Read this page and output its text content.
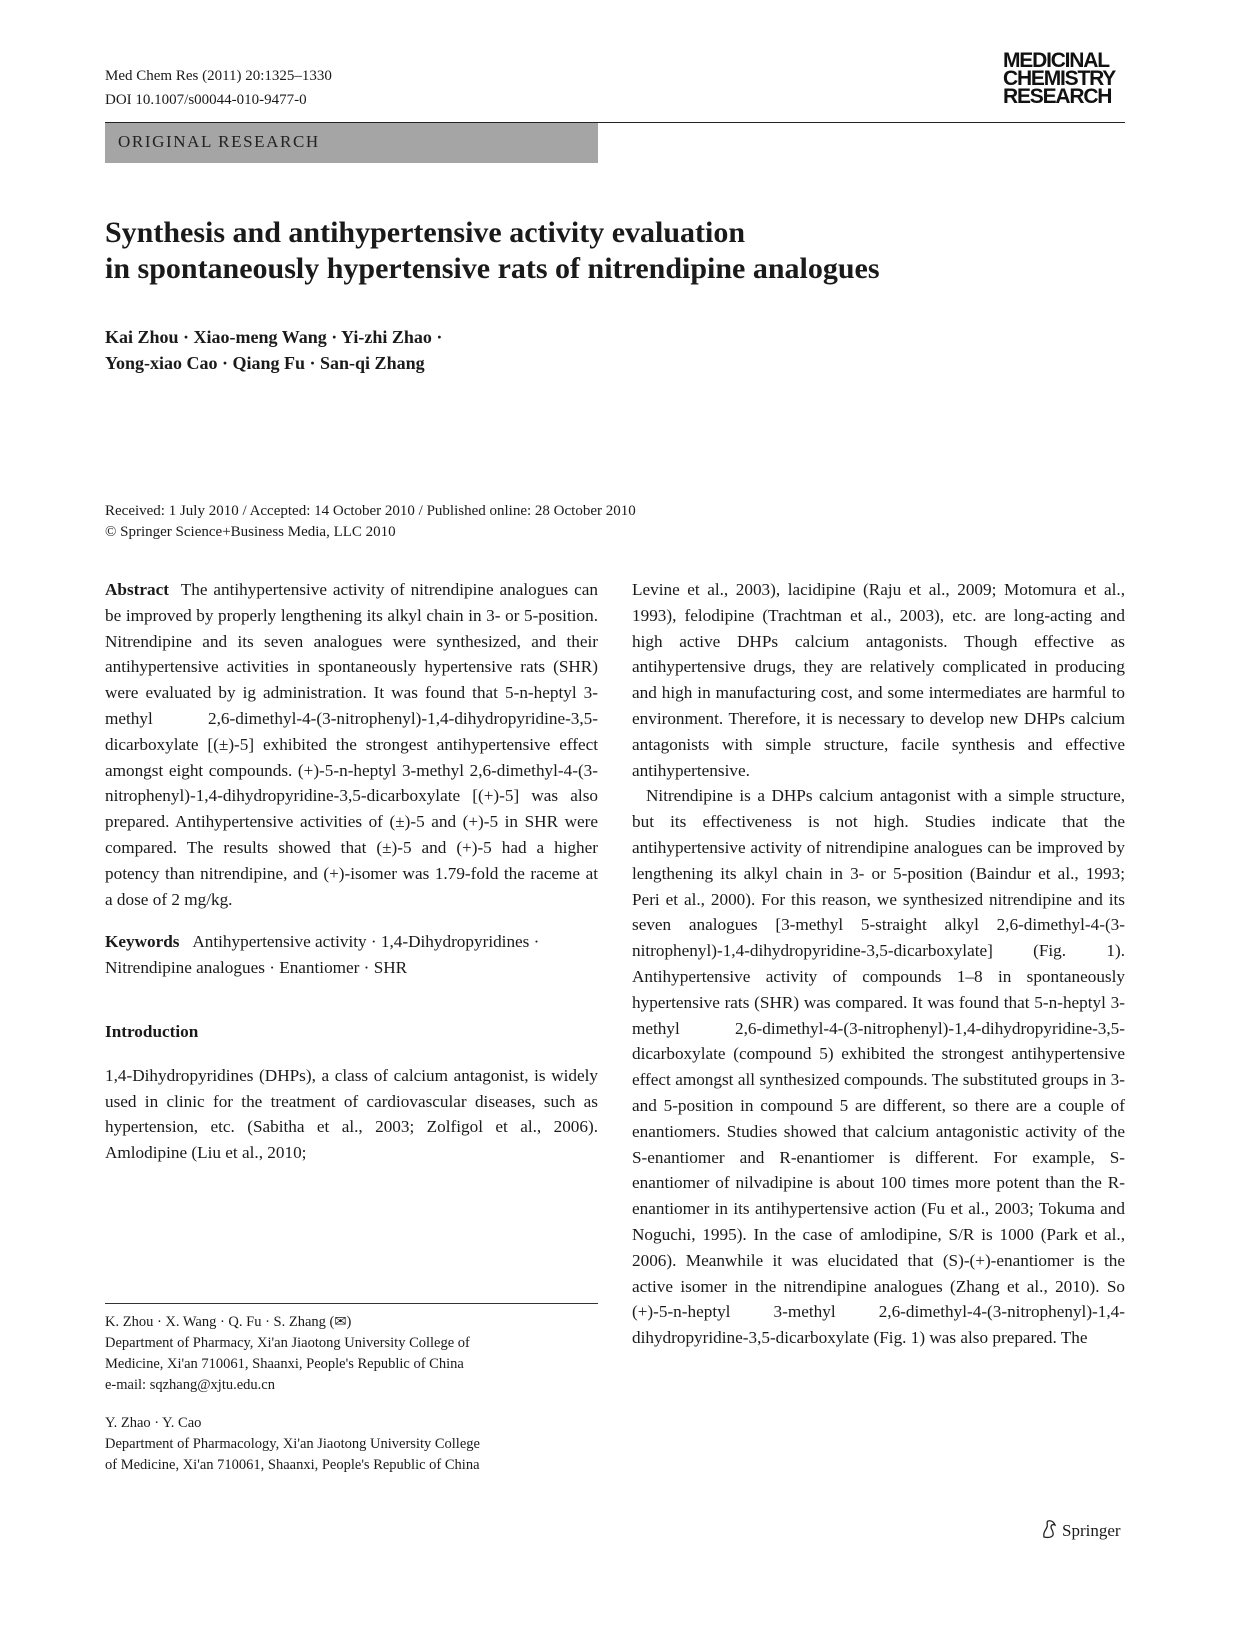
Med Chem Res (2011) 20:1325–1330
DOI 10.1007/s00044-010-9477-0
MEDICINAL
CHEMISTRY
RESEARCH
ORIGINAL RESEARCH
Synthesis and antihypertensive activity evaluation
in spontaneously hypertensive rats of nitrendipine analogues
Kai Zhou · Xiao-meng Wang · Yi-zhi Zhao ·
Yong-xiao Cao · Qiang Fu · San-qi Zhang
Received: 1 July 2010 / Accepted: 14 October 2010 / Published online: 28 October 2010
© Springer Science+Business Media, LLC 2010

Abstract The antihypertensive activity of nitrendipine analogues can be improved by properly lengthening its alkyl chain in 3- or 5-position. Nitrendipine and its seven analogues were synthesized, and their antihypertensive activities in spontaneously hypertensive rats (SHR) were evaluated by ig administration. It was found that 5-n-heptyl 3-methyl 2,6-dimethyl-4-(3-nitrophenyl)-1,4-dihydropyridine-3,5-dicarboxylate [(±)-5] exhibited the strongest antihypertensive effect amongst eight compounds. (+)-5-n-heptyl 3-methyl 2,6-dimethyl-4-(3-nitrophenyl)-1,4-dihydropyridine-3,5-dicarboxylate [(+)-5] was also prepared. Antihypertensive activities of (±)-5 and (+)-5 in SHR were compared. The results showed that (±)-5 and (+)-5 had a higher potency than nitrendipine, and (+)-isomer was 1.79-fold the raceme at a dose of 2 mg/kg.

Keywords Antihypertensive activity · 1,4-Dihydropyridines · Nitrendipine analogues · Enantiomer · SHR

Introduction

1,4-Dihydropyridines (DHPs), a class of calcium antagonist, is widely used in clinic for the treatment of cardiovascular diseases, such as hypertension, etc. (Sabitha et al., 2003; Zolfigol et al., 2006). Amlodipine (Liu et al., 2010;

K. Zhou · X. Wang · Q. Fu · S. Zhang (✉)
Department of Pharmacy, Xi'an Jiaotong University College of
Medicine, Xi'an 710061, Shaanxi, People's Republic of China
e-mail: sqzhang@xjtu.edu.cn
Y. Zhao · Y. Cao
Department of Pharmacology, Xi'an Jiaotong University College
of Medicine, Xi'an 710061, Shaanxi, People's Republic of China

Levine et al., 2003), lacidipine (Raju et al., 2009; Motomura et al., 1993), felodipine (Trachtman et al., 2003), etc. are long-acting and high active DHPs calcium antagonists. Though effective as antihypertensive drugs, they are relatively complicated in producing and high in manufacturing cost, and some intermediates are harmful to environment. Therefore, it is necessary to develop new DHPs calcium antagonists with simple structure, facile synthesis and effective antihypertensive.

Nitrendipine is a DHPs calcium antagonist with a simple structure, but its effectiveness is not high. Studies indicate that the antihypertensive activity of nitrendipine analogues can be improved by lengthening its alkyl chain in 3- or 5-position (Baindur et al., 1993; Peri et al., 2000). For this reason, we synthesized nitrendipine and its seven analogues [3-methyl 5-straight alkyl 2,6-dimethyl-4-(3-nitrophenyl)-1,4-dihydropyridine-3,5-dicarboxylate] (Fig. 1). Antihypertensive activity of compounds 1–8 in spontaneously hypertensive rats (SHR) was compared. It was found that 5-n-heptyl 3-methyl 2,6-dimethyl-4-(3-nitrophenyl)-1,4-dihydropyridine-3,5-dicarboxylate (compound 5) exhibited the strongest antihypertensive effect amongst all synthesized compounds. The substituted groups in 3- and 5-position in compound 5 are different, so there are a couple of enantiomers. Studies showed that calcium antagonistic activity of the S-enantiomer and R-enantiomer is different. For example, S-enantiomer of nilvadipine is about 100 times more potent than the R-enantiomer in its antihypertensive action (Fu et al., 2003; Tokuma and Noguchi, 1995). In the case of amlodipine, S/R is 1000 (Park et al., 2006). Meanwhile it was elucidated that (S)-(+)-enantiomer is the active isomer in the nitrendipine analogues (Zhang et al., 2010). So (+)-5-n-heptyl 3-methyl 2,6-dimethyl-4-(3-nitrophenyl)-1,4-dihydropyridine-3,5-dicarboxylate (Fig. 1) was also prepared. The

Springer
